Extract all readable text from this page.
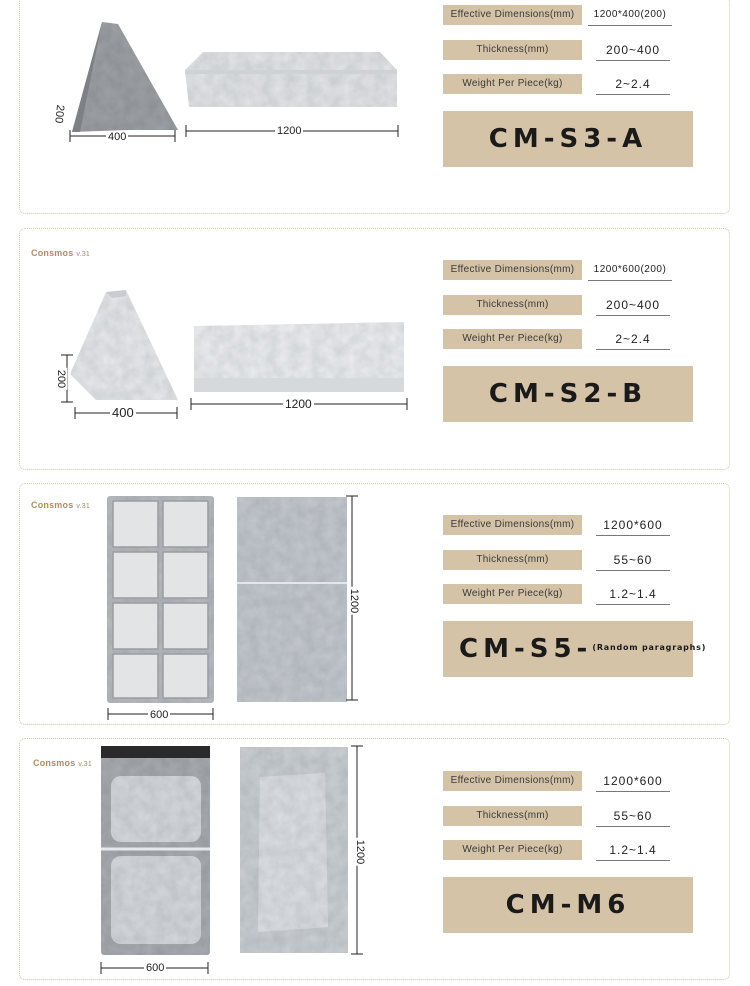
200
400	1200
Effective Dimensions(mm)	1200*400(200)
Thickness(mm)	200~400
Weight Per Piece(kg)	2~2.4
CM-S3-A
Consmos v.31
200
400
1200
Effective Dimensions(mm)	1200*600(200)
Thickness(mm)	200~400
Weight Per Piece(kg)	2~2.4
CM-S2-B
Consmos v.31
1200
600
Effective Dimensions(mm)	1200*600
Thickness(mm)	55~60
Weight Per Piece(kg)	1.2~1.4
CM-S5-(Random paragraphs)
Consmos v.31
1200
600
Effective Dimensions(mm)	1200*600
Thickness(mm)	55~60
Weight Per Piece(kg)	1.2~1.4
CM-M6
